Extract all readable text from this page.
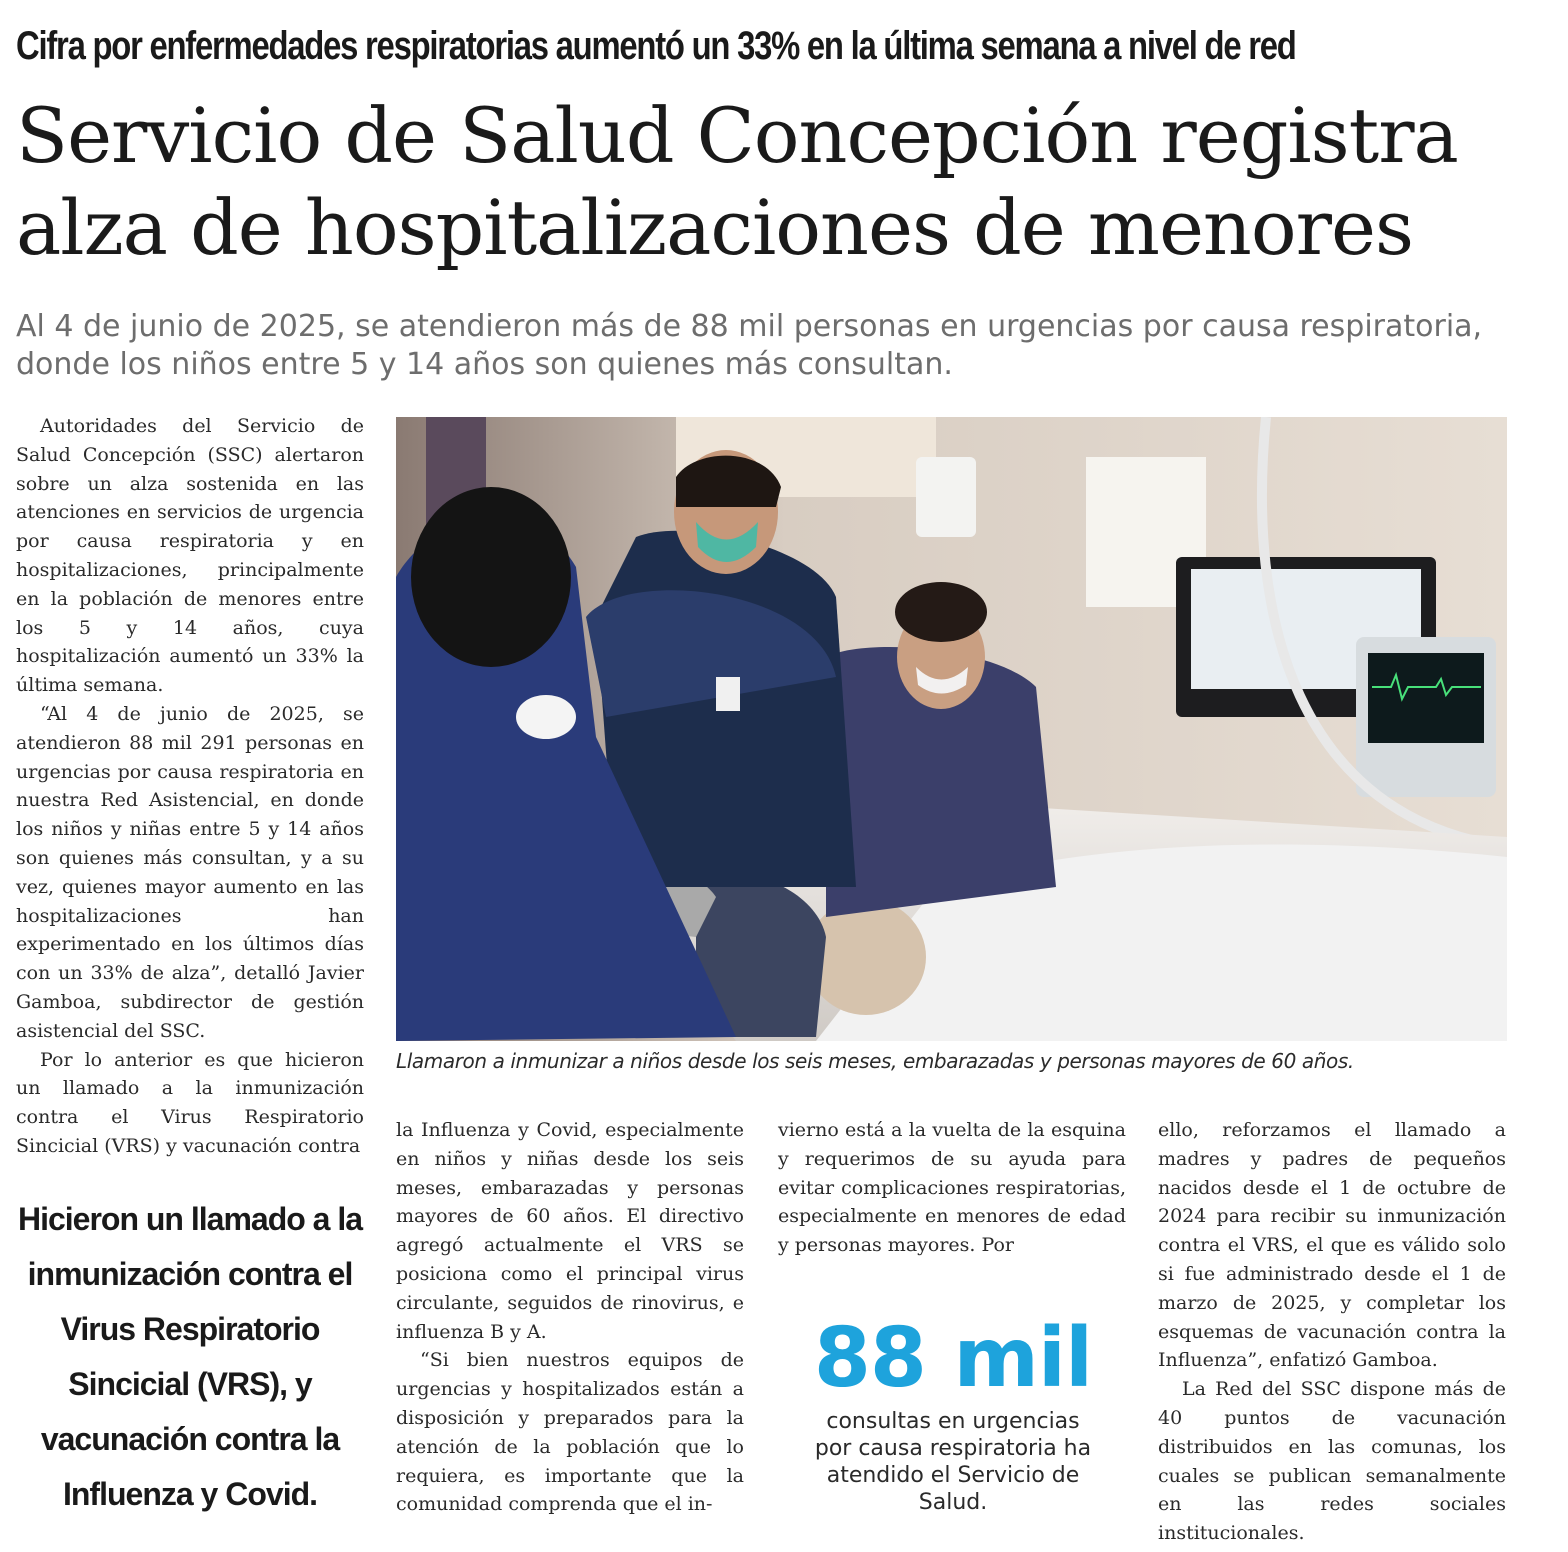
Cifra por enfermedades respiratorias aumentó un 33% en la última semana a nivel de red
Servicio de Salud Concepción registra alza de hospitalizaciones de menores
Al 4 de junio de 2025, se atendieron más de 88 mil personas en urgencias por causa respiratoria, donde los niños entre 5 y 14 años son quienes más consultan.

Autoridades del Servicio de Salud Concepción (SSC) alertaron sobre un alza sostenida en las atenciones en servicios de urgencia por causa respiratoria y en hospitalizaciones, principalmente en la población de menores entre los 5 y 14 años, cuya hospitalización aumentó un 33% la última semana.

“Al 4 de junio de 2025, se atendieron 88 mil 291 personas en urgencias por causa respiratoria en nuestra Red Asistencial, en donde los niños y niñas entre 5 y 14 años son quienes más consultan, y a su vez, quienes mayor aumento en las hospitalizaciones han experimentado en los últimos días con un 33% de alza”, detalló Javier Gamboa, subdirector de gestión asistencial del SSC.

Por lo anterior es que hicieron un llamado a la inmunización contra el Virus Respiratorio Sincicial (VRS) y vacunación contra

Llamaron a inmunizar a niños desde los seis meses, embarazadas y personas mayores de 60 años.
Hicieron un llamado a la inmunización contra el Virus Respiratorio Sincicial (VRS), y vacunación contra la Influenza y Covid.

la Influenza y Covid, especialmente en niños y niñas desde los seis meses, embarazadas y personas mayores de 60 años. El directivo agregó actualmente el VRS se posiciona como el principal virus circulante, seguidos de rinovirus, e influenza B y A.

“Si bien nuestros equipos de urgencias y hospitalizados están a disposición y preparados para la atención de la población que lo requiera, es importante que la comunidad comprenda que el in-

vierno está a la vuelta de la esquina y requerimos de su ayuda para evitar complicaciones respiratorias, especialmente en menores de edad y personas mayores. Por

88 mil
consultas en urgencias por causa respiratoria ha atendido el Servicio de Salud.

ello, reforzamos el llamado a madres y padres de pequeños nacidos desde el 1 de octubre de 2024 para recibir su inmunización contra el VRS, el que es válido solo si fue administrado desde el 1 de marzo de 2025, y completar los esquemas de vacunación contra la Influenza”, enfatizó Gamboa.

La Red del SSC dispone más de 40 puntos de vacunación distribuidos en las comunas, los cuales se publican semanalmente en las redes sociales institucionales.
